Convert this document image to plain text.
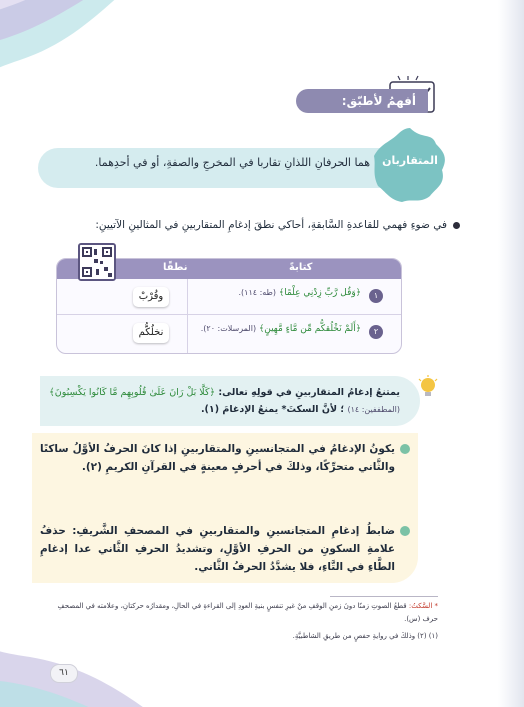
أفهمُ لأطبّق:
هما الحرفانِ اللذانِ تقاربا في المخرجِ والصفةِ، أو في أحدِهما.	المتقاربان
في ضوءِ فهمي للقاعدةِ السَّابقةِ، أحاكي نطقَ إدغامِ المتقاربينِ في المثالينِ الآتيينِ:
كتابةً
نطقًا
١
﴿وَقُل رَّبِّ زِدْنِي عِلْمًا﴾ (طه: ١١٤).
وقُرْبْ
٢
﴿أَلَمْ نَخْلُقكُّم مِّن مَّاءٍ مَّهِينٍ﴾ (المرسلات: ٢٠).
نخلُكُّم
يمتنعُ إدغامُ المتقاربينِ في قولِهِ تعالى: ﴿كَلَّا بَلْ رَانَ عَلَىٰ قُلُوبِهِم مَّا كَانُوا يَكْسِبُونَ﴾
(المطففين: ١٤) ؛ لأنَّ السكتَ* يمنعُ الإدغامَ (١).
يكونُ الإدغامُ في المتجانسينِ والمتقاربينِ إذا كانَ الحرفُ الأوَّلُ ساكنًا والثَّاني متحرِّكًا، وذلكَ في أحرفٍ معينةٍ في القرآنِ الكريمِ (٢).
ضابطُ إدغامِ المتجانسينِ والمتقاربينِ في المصحفِ الشَّريفِ: حذفُ علامةِ السكونِ من الحرفِ الأوَّلِ، وتشديدُ الحرفِ الثَّاني عدا إدغامِ الطَّاءِ في التَّاءِ، فلا يشدَّدُ الحرفُ الثَّاني.
* السَّكتُ: قطعُ الصوتِ زمنًا دونَ زمنِ الوقفِ منْ غيرِ تنفسٍ بنيةِ العودِ إلى القراءةِ في الحالِ، ومقدارُه حركتانِ، وعلامته في المصحفِ حرف (س).
(١) (٢) وذلكَ في روايةِ حفصٍ من طريقِ الشاطبيَّةِ.
٦١
